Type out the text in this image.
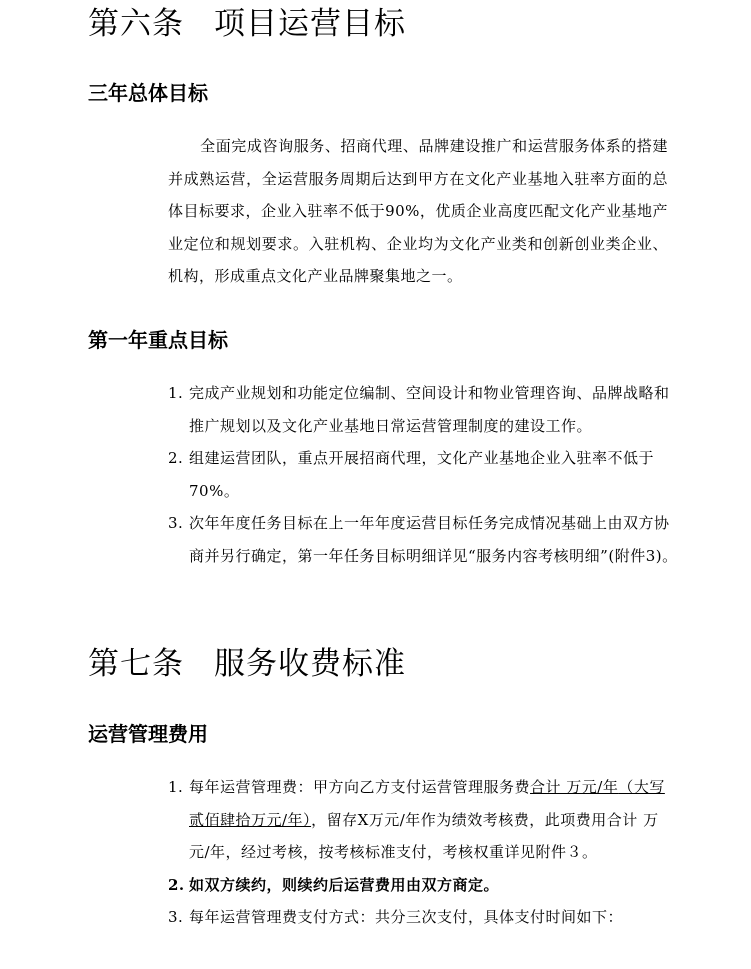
第六条 项目运营目标
三年总体目标

全面完成咨询服务、招商代理、品牌建设推广和运营服务体系的搭建并成熟运营，全运营服务周期后达到甲方在文化产业基地入驻率方面的总体目标要求，企业入驻率不低于90%，优质企业高度匹配文化产业基地产业定位和规划要求。入驻机构、企业均为文化产业类和创新创业类企业、机构，形成重点文化产业品牌聚集地之一。

第一年重点目标
1. 完成产业规划和功能定位编制、空间设计和物业管理咨询、品牌战略和推广规划以及文化产业基地日常运营管理制度的建设工作。
2. 组建运营团队，重点开展招商代理，文化产业基地企业入驻率不低于70%。
3. 次年年度任务目标在上一年年度运营目标任务完成情况基础上由双方协商并另行确定，第一年任务目标明细详见“服务内容考核明细”(附件3)。
第七条 服务收费标准
运营管理费用
1. 每年运营管理费：甲方向乙方支付运营管理服务费合计 万元/年（大写贰佰肆拾万元/年），留存Ⅹ万元/年作为绩效考核费，此项费用合计 万元/年，经过考核，按考核标准支付，考核权重详见附件３。
2. 如双方续约，则续约后运营费用由双方商定。
3. 每年运营管理费支付方式：共分三次支付，具体支付时间如下：
